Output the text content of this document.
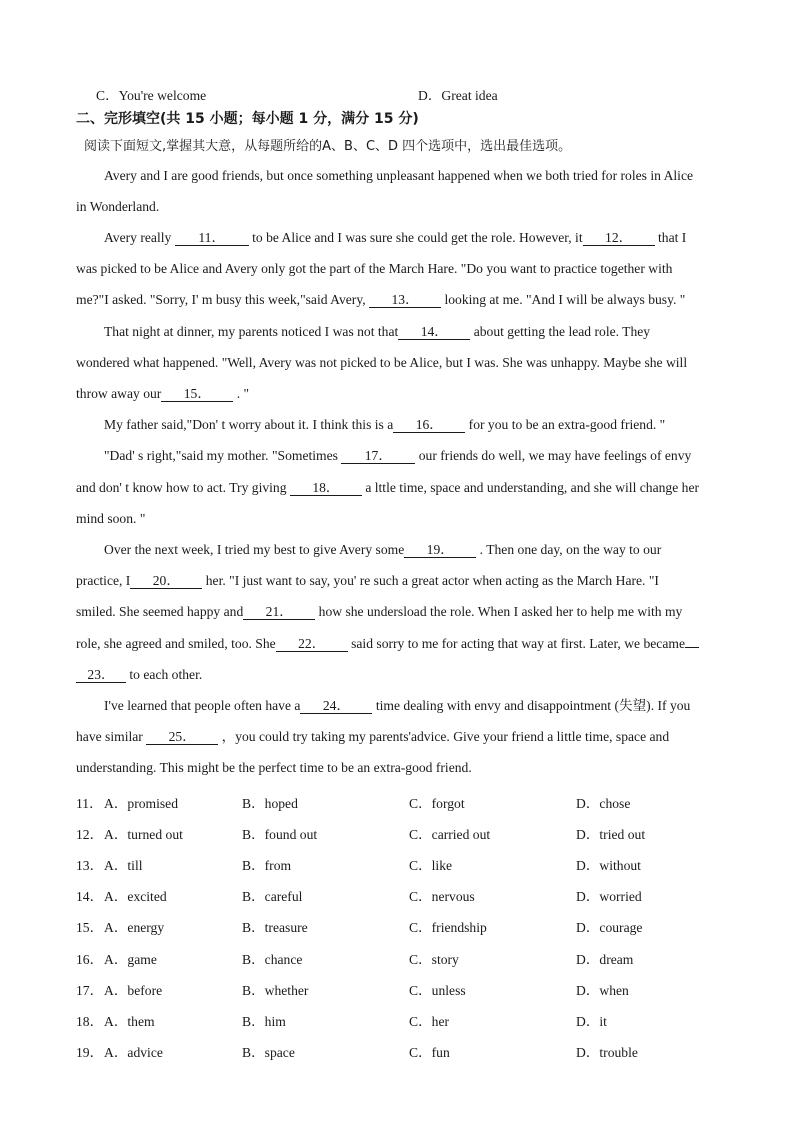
C．You're welcome	D．Great idea
二、完形填空(共 15 小题；每小题 1 分，满分 15 分)
阅读下面短文,掌握其大意，从每题所给的A、B、C、D 四个选项中，选出最佳选项。
Avery and I are good friends, but once something unpleasant happened when we both tried for roles in Alice
in Wonderland.
Avery really 11． to be Alice and I was sure she could get the role. However, it 12． that I
was picked to be Alice and Avery only got the part of the March Hare. "Do you want to practice together with
me?"I asked. "Sorry, I' m busy this week,"said Avery, 13． looking at me. "And I will be always busy. "
That night at dinner, my parents noticed I was not that 14． about getting the lead role. They
wondered what happened. "Well, Avery was not picked to be Alice, but I was. She was unhappy. Maybe she will
throw away our 15． . "
My father said,"Don' t worry about it. I think this is a 16． for you to be an extra-good friend. "
"Dad' s right,"said my mother. "Sometimes 17． our friends do well, we may have feelings of envy
and don' t know how to act. Try giving 18． a lttle time, space and understanding, and she will change her
mind soon. "
Over the next week, I tried my best to give Avery some 19． . Then one day, on the way to our
practice, I 20． her. "I just want to say, you' re such a great actor when acting as the March Hare. "I
smiled. She seemed happy and 21． how she undersload the role. When I asked her to help me with my
role, she agreed and smiled, too. She 22． said sorry to me for acting that way at first. Later, we became
23． to each other.
I've learned that people often have a 24． time dealing with envy and disappointment (失望). If you
have similar 25． ，you could try taking my parents'advice. Give your friend a little time, space and
understanding. This might be the perfect time to be an extra-good friend.
11． A．promised	B．hoped	C．forgot	D．chose
12． A．turned out	B．found out	C．carried out	D．tried out
13． A．till	B．from	C．like	D．without
14． A．excited	B．careful	C．nervous	D．worried
15． A．energy	B．treasure	C．friendship	D．courage
16． A．game	B．chance	C．story	D．dream
17． A．before	B．whether	C．unless	D．when
18． A．them	B．him	C．her	D．it
19． A．advice	B．space	C．fun	D．trouble
